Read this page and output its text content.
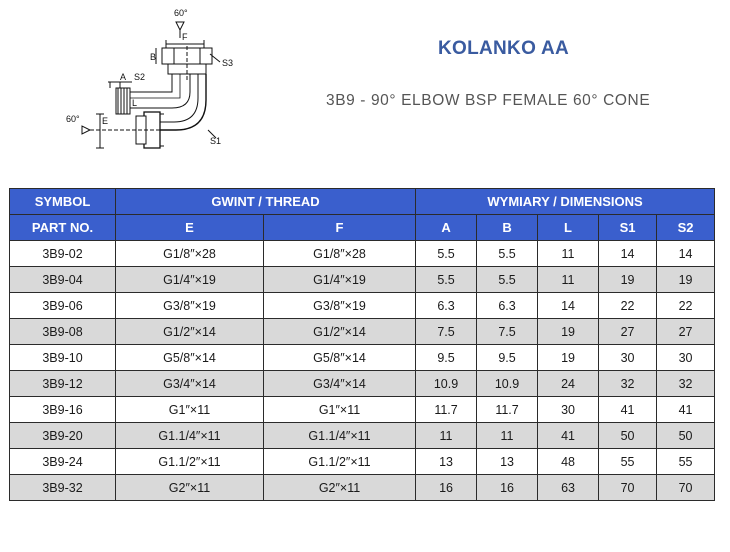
60°
F
B
S3
A S2
60° E
L
S1
KOLANKO AA
3B9 - 90° ELBOW BSP FEMALE 60° CONE
SYMBOL	GWINT / THREAD		WYMIARY / DIMENSIONS				
PART NO.	E	F	A	B	L	S1	S2
3B9-02	G1/8″×28	G1/8″×28	5.5	5.5	11	14	14
3B9-04	G1/4″×19	G1/4″×19	5.5	5.5	11	19	19
3B9-06	G3/8″×19	G3/8″×19	6.3	6.3	14	22	22
3B9-08	G1/2″×14	G1/2″×14	7.5	7.5	19	27	27
3B9-10	G5/8″×14	G5/8″×14	9.5	9.5	19	30	30
3B9-12	G3/4″×14	G3/4″×14	10.9	10.9	24	32	32
3B9-16	G1″×11	G1″×11	11.7	11.7	30	41	41
3B9-20	G1.1/4″×11	G1.1/4″×11	11	11	41	50	50
3B9-24	G1.1/2″×11	G1.1/2″×11	13	13	48	55	55
3B9-32	G2″×11	G2″×11	16	16	63	70	70
